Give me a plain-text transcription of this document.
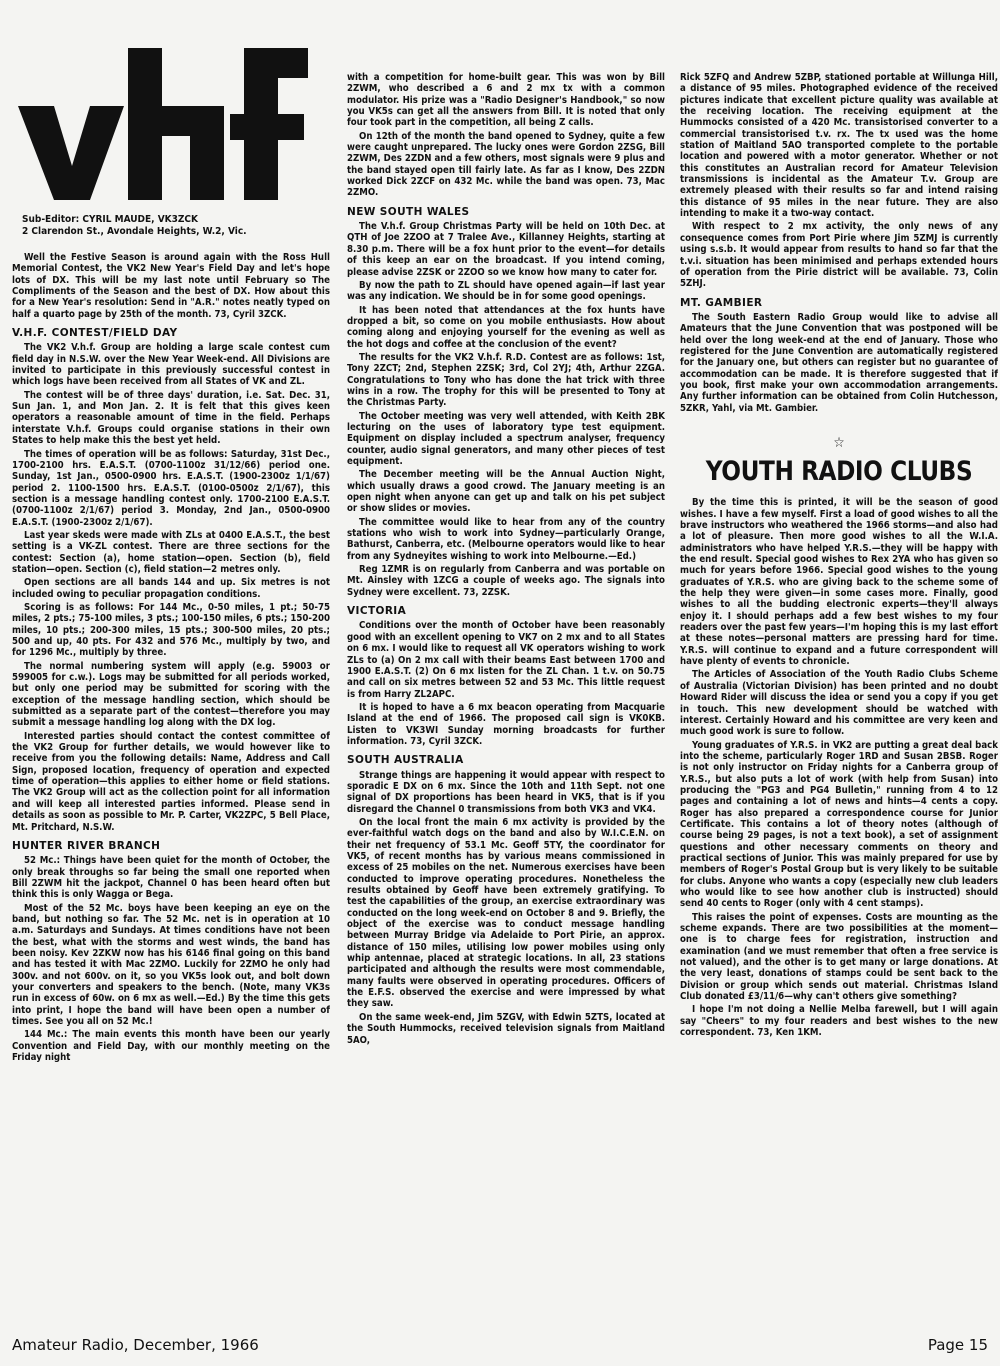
Sub-Editor: CYRIL MAUDE, VK3ZCK
2 Clarendon St., Avondale Heights, W.2, Vic.

Well the Festive Season is around again with the Ross Hull Memorial Contest, the VK2 New Year's Field Day and let's hope lots of DX. This will be my last note until February so The Compliments of the Season and the best of DX. How about this for a New Year's resolution: Send in "A.R." notes neatly typed on half a quarto page by 25th of the month. 73, Cyril 3ZCK.

V.H.F. CONTEST/FIELD DAY

The VK2 V.h.f. Group are holding a large scale contest cum field day in N.S.W. over the New Year Week-end. All Divisions are invited to participate in this previously successful contest in which logs have been received from all States of VK and ZL.

The contest will be of three days' duration, i.e. Sat. Dec. 31, Sun Jan. 1, and Mon Jan. 2. It is felt that this gives keen operators a reasonable amount of time in the field. Perhaps interstate V.h.f. Groups could organise stations in their own States to help make this the best yet held.

The times of operation will be as follows: Saturday, 31st Dec., 1700-2100 hrs. E.A.S.T. (0700-1100z 31/12/66) period one. Sunday, 1st Jan., 0500-0900 hrs. E.A.S.T. (1900-2300z 1/1/67) period 2. 1100-1500 hrs. E.A.S.T. (0100-0500z 2/1/67), this section is a message handling contest only. 1700-2100 E.A.S.T. (0700-1100z 2/1/67) period 3. Monday, 2nd Jan., 0500-0900 E.A.S.T. (1900-2300z 2/1/67).

Last year skeds were made with ZLs at 0400 E.A.S.T., the best setting is a VK-ZL contest. There are three sections for the contest: Section (a), home station—open. Section (b), field station—open. Section (c), field station—2 metres only.

Open sections are all bands 144 and up. Six metres is not included owing to peculiar propagation conditions.

Scoring is as follows: For 144 Mc., 0-50 miles, 1 pt.; 50-75 miles, 2 pts.; 75-100 miles, 3 pts.; 100-150 miles, 6 pts.; 150-200 miles, 10 pts.; 200-300 miles, 15 pts.; 300-500 miles, 20 pts.; 500 and up, 40 pts. For 432 and 576 Mc., multiply by two, and for 1296 Mc., multiply by three.

The normal numbering system will apply (e.g. 59003 or 599005 for c.w.). Logs may be submitted for all periods worked, but only one period may be submitted for scoring with the exception of the message handling section, which should be submitted as a separate part of the contest—therefore you may submit a message handling log along with the DX log.

Interested parties should contact the contest committee of the VK2 Group for further details, we would however like to receive from you the following details: Name, Address and Call Sign, proposed location, frequency of operation and expected time of operation—this applies to either home or field stations. The VK2 Group will act as the collection point for all information and will keep all interested parties informed. Please send in details as soon as possible to Mr. P. Carter, VK2ZPC, 5 Bell Place, Mt. Pritchard, N.S.W.

HUNTER RIVER BRANCH

52 Mc.: Things have been quiet for the month of October, the only break throughs so far being the small one reported when Bill 2ZWM hit the jackpot, Channel 0 has been heard often but think this is only Wagga or Bega.

Most of the 52 Mc. boys have been keeping an eye on the band, but nothing so far. The 52 Mc. net is in operation at 10 a.m. Saturdays and Sundays. At times conditions have not been the best, what with the storms and west winds, the band has been noisy. Kev 2ZKW now has his 6146 final going on this band and has tested it with Mac 2ZMO. Luckily for 2ZMO he only had 300v. and not 600v. on it, so you VK5s look out, and bolt down your converters and speakers to the bench. (Note, many VK3s run in excess of 60w. on 6 mx as well.—Ed.) By the time this gets into print, I hope the band will have been open a number of times. See you all on 52 Mc.!

144 Mc.: The main events this month have been our yearly Convention and Field Day, with our monthly meeting on the Friday night

with a competition for home-built gear. This was won by Bill 2ZWM, who described a 6 and 2 mx tx with a common modulator. His prize was a "Radio Designer's Handbook," so now you VK5s can get all the answers from Bill. It is noted that only four took part in the competition, all being Z calls.

On 12th of the month the band opened to Sydney, quite a few were caught unprepared. The lucky ones were Gordon 2ZSG, Bill 2ZWM, Des 2ZDN and a few others, most signals were 9 plus and the band stayed open till fairly late. As far as I know, Des 2ZDN worked Dick 2ZCF on 432 Mc. while the band was open. 73, Mac 2ZMO.

NEW SOUTH WALES

The V.h.f. Group Christmas Party will be held on 10th Dec. at QTH of Joe 2ZOO at 7 Tralee Ave., Killanney Heights, starting at 8.30 p.m. There will be a fox hunt prior to the event—for details of this keep an ear on the broadcast. If you intend coming, please advise 2ZSK or 2ZOO so we know how many to cater for.

By now the path to ZL should have opened again—if last year was any indication. We should be in for some good openings.

It has been noted that attendances at the fox hunts have dropped a bit, so come on you mobile enthusiasts. How about coming along and enjoying yourself for the evening as well as the hot dogs and coffee at the conclusion of the event?

The results for the VK2 V.h.f. R.D. Contest are as follows: 1st, Tony 2ZCT; 2nd, Stephen 2ZSK; 3rd, Col 2YJ; 4th, Arthur 2ZGA. Congratulations to Tony who has done the hat trick with three wins in a row. The trophy for this will be presented to Tony at the Christmas Party.

The October meeting was very well attended, with Keith 2BK lecturing on the uses of laboratory type test equipment. Equipment on display included a spectrum analyser, frequency counter, audio signal generators, and many other pieces of test equipment.

The December meeting will be the Annual Auction Night, which usually draws a good crowd. The January meeting is an open night when anyone can get up and talk on his pet subject or show slides or movies.

The committee would like to hear from any of the country stations who wish to work into Sydney—particularly Orange, Bathurst, Canberra, etc. (Melbourne operators would like to hear from any Sydneyites wishing to work into Melbourne.—Ed.)

Reg 1ZMR is on regularly from Canberra and was portable on Mt. Ainsley with 1ZCG a couple of weeks ago. The signals into Sydney were excellent. 73, 2ZSK.

VICTORIA

Conditions over the month of October have been reasonably good with an excellent opening to VK7 on 2 mx and to all States on 6 mx. I would like to request all VK operators wishing to work ZLs to (a) On 2 mx call with their beams East between 1700 and 1900 E.A.S.T. (2) On 6 mx listen for the ZL Chan. 1 t.v. on 50.75 and call on six metres between 52 and 53 Mc. This little request is from Harry ZL2APC.

It is hoped to have a 6 mx beacon operating from Macquarie Island at the end of 1966. The proposed call sign is VK0KB. Listen to VK3WI Sunday morning broadcasts for further information. 73, Cyril 3ZCK.

SOUTH AUSTRALIA

Strange things are happening it would appear with respect to sporadic E DX on 6 mx. Since the 10th and 11th Sept. not one signal of DX proportions has been heard in VK5, that is if you disregard the Channel 0 transmissions from both VK3 and VK4.

On the local front the main 6 mx activity is provided by the ever-faithful watch dogs on the band and also by W.I.C.E.N. on their net frequency of 53.1 Mc. Geoff 5TY, the coordinator for VK5, of recent months has by various means commissioned in excess of 25 mobiles on the net. Numerous exercises have been conducted to improve operating procedures. Nonetheless the results obtained by Geoff have been extremely gratifying. To test the capabilities of the group, an exercise extraordinary was conducted on the long week-end on October 8 and 9. Briefly, the object of the exercise was to conduct message handling between Murray Bridge via Adelaide to Port Pirie, an approx. distance of 150 miles, utilising low power mobiles using only whip antennae, placed at strategic locations. In all, 23 stations participated and although the results were most commendable, many faults were observed in operating procedures. Officers of the E.F.S. observed the exercise and were impressed by what they saw.

On the same week-end, Jim 5ZGV, with Edwin 5ZTS, located at the South Hummocks, received television signals from Maitland 5AO,

Rick 5ZFQ and Andrew 5ZBP, stationed portable at Willunga Hill, a distance of 95 miles. Photographed evidence of the received pictures indicate that excellent picture quality was available at the receiving location. The receiving equipment at the Hummocks consisted of a 420 Mc. transistorised converter to a commercial transistorised t.v. rx. The tx used was the home station of Maitland 5AO transported complete to the portable location and powered with a motor generator. Whether or not this constitutes an Australian record for Amateur Television transmissions is incidental as the Amateur T.v. Group are extremely pleased with their results so far and intend raising this distance of 95 miles in the near future. They are also intending to make it a two-way contact.

With respect to 2 mx activity, the only news of any consequence comes from Port Pirie where Jim 5ZMJ is currently using s.s.b. It would appear from results to hand so far that the t.v.i. situation has been minimised and perhaps extended hours of operation from the Pirie district will be available. 73, Colin 5ZHJ.

MT. GAMBIER

The South Eastern Radio Group would like to advise all Amateurs that the June Convention that was postponed will be held over the long week-end at the end of January. Those who registered for the June Convention are automatically registered for the January one, but others can register but no guarantee of accommodation can be made. It is therefore suggested that if you book, first make your own accommodation arrangements. Any further information can be obtained from Colin Hutchesson, 5ZKR, Yahl, via Mt. Gambier.

☆
YOUTH RADIO CLUBS

By the time this is printed, it will be the season of good wishes. I have a few myself. First a load of good wishes to all the brave instructors who weathered the 1966 storms—and also had a lot of pleasure. Then more good wishes to all the W.I.A. administrators who have helped Y.R.S.—they will be happy with the end result. Special good wishes to Rex 2YA who has given so much for years before 1966. Special good wishes to the young graduates of Y.R.S. who are giving back to the scheme some of the help they were given—in some cases more. Finally, good wishes to all the budding electronic experts—they'll always enjoy it. I should perhaps add a few best wishes to my four readers over the past few years—I'm hoping this is my last effort at these notes—personal matters are pressing hard for time. Y.R.S. will continue to expand and a future correspondent will have plenty of events to chronicle.

The Articles of Association of the Youth Radio Clubs Scheme of Australia (Victorian Division) has been printed and no doubt Howard Rider will discuss the idea or send you a copy if you get in touch. This new development should be watched with interest. Certainly Howard and his committee are very keen and much good work is sure to follow.

Young graduates of Y.R.S. in VK2 are putting a great deal back into the scheme, particularly Roger 1RD and Susan 2BSB. Roger is not only instructor on Friday nights for a Canberra group of Y.R.S., but also puts a lot of work (with help from Susan) into producing the "PG3 and PG4 Bulletin," running from 4 to 12 pages and containing a lot of news and hints—4 cents a copy. Roger has also prepared a correspondence course for Junior Certificate. This contains a lot of theory notes (although of course being 29 pages, is not a text book), a set of assignment questions and other necessary comments on theory and practical sections of Junior. This was mainly prepared for use by members of Roger's Postal Group but is very likely to be suitable for clubs. Anyone who wants a copy (especially new club leaders who would like to see how another club is instructed) should send 40 cents to Roger (only with 4 cent stamps).

This raises the point of expenses. Costs are mounting as the scheme expands. There are two possibilities at the moment—one is to charge fees for registration, instruction and examination (and we must remember that often a free service is not valued), and the other is to get many or large donations. At the very least, donations of stamps could be sent back to the Division or group which sends out material. Christmas Island Club donated £3/11/6—why can't others give something?

I hope I'm not doing a Nellie Melba farewell, but I will again say "Cheers" to my four readers and best wishes to the new correspondent. 73, Ken 1KM.

Amateur Radio, December, 1966	Page 15
